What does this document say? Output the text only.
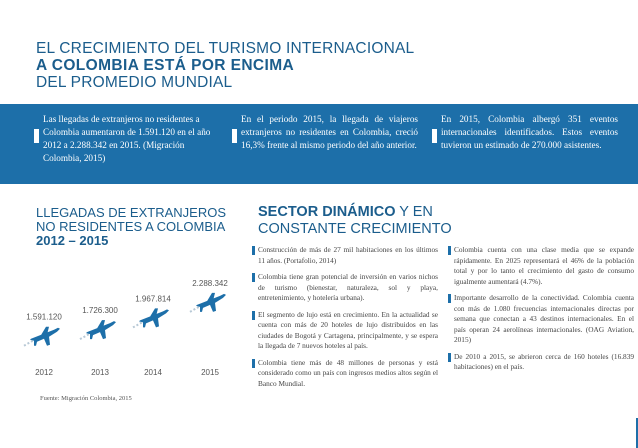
EL CRECIMIENTO DEL TURISMO INTERNACIONAL
A COLOMBIA ESTÁ POR ENCIMA
DEL PROMEDIO MUNDIAL
Las llegadas de extranjeros no residentes a Colombia aumentaron de 1.591.120 en el año 2012 a 2.288.342 en 2015. (Migración Colombia, 2015)
En el periodo 2015, la llegada de viajeros extranjeros no residentes en Colombia, creció 16,3% frente al mismo periodo del año anterior.
En 2015, Colombia albergó 351 eventos internacionales identificados. Estos eventos tuvieron un estimado de 270.000 asistentes.
LLEGADAS DE EXTRANJEROS
NO RESIDENTES A COLOMBIA
2012 – 2015
1.591.120
2012
1.726.300
2013
1.967.814
2014
2.288.342
2015
Fuente: Migración Colombia, 2015
SECTOR DINÁMICO Y EN
CONSTANTE CRECIMIENTO
Construcción de más de 27 mil habitaciones en los últimos 11 años. (Portafolio, 2014)
Colombia tiene gran potencial de inversión en varios nichos de turismo (bienestar, naturaleza, sol y playa, entretenimiento, y hotelería urbana).
El segmento de lujo está en crecimiento. En la actualidad se cuenta con más de 20 hoteles de lujo distribuidos en las ciudades de Bogotá y Cartagena, principalmente, y se espera la llegada de 7 nuevos hoteles al país.
Colombia tiene más de 48 millones de personas y está considerado como un país con ingresos medios altos según el Banco Mundial.
Colombia cuenta con una clase media que se expande rápidamente. En 2025 representará el 46% de la población total y por lo tanto el crecimiento del gasto de consumo igualmente aumentará (4.7%).
Importante desarrollo de la conectividad. Colombia cuenta con más de 1.080 frecuencias internacionales directas por semana que conectan a 43 destinos internacionales. En el país operan 24 aerolíneas internacionales. (OAG Aviation, 2015)
De 2010 a 2015, se abrieron cerca de 160 hoteles (16.839 habitaciones) en el país.
